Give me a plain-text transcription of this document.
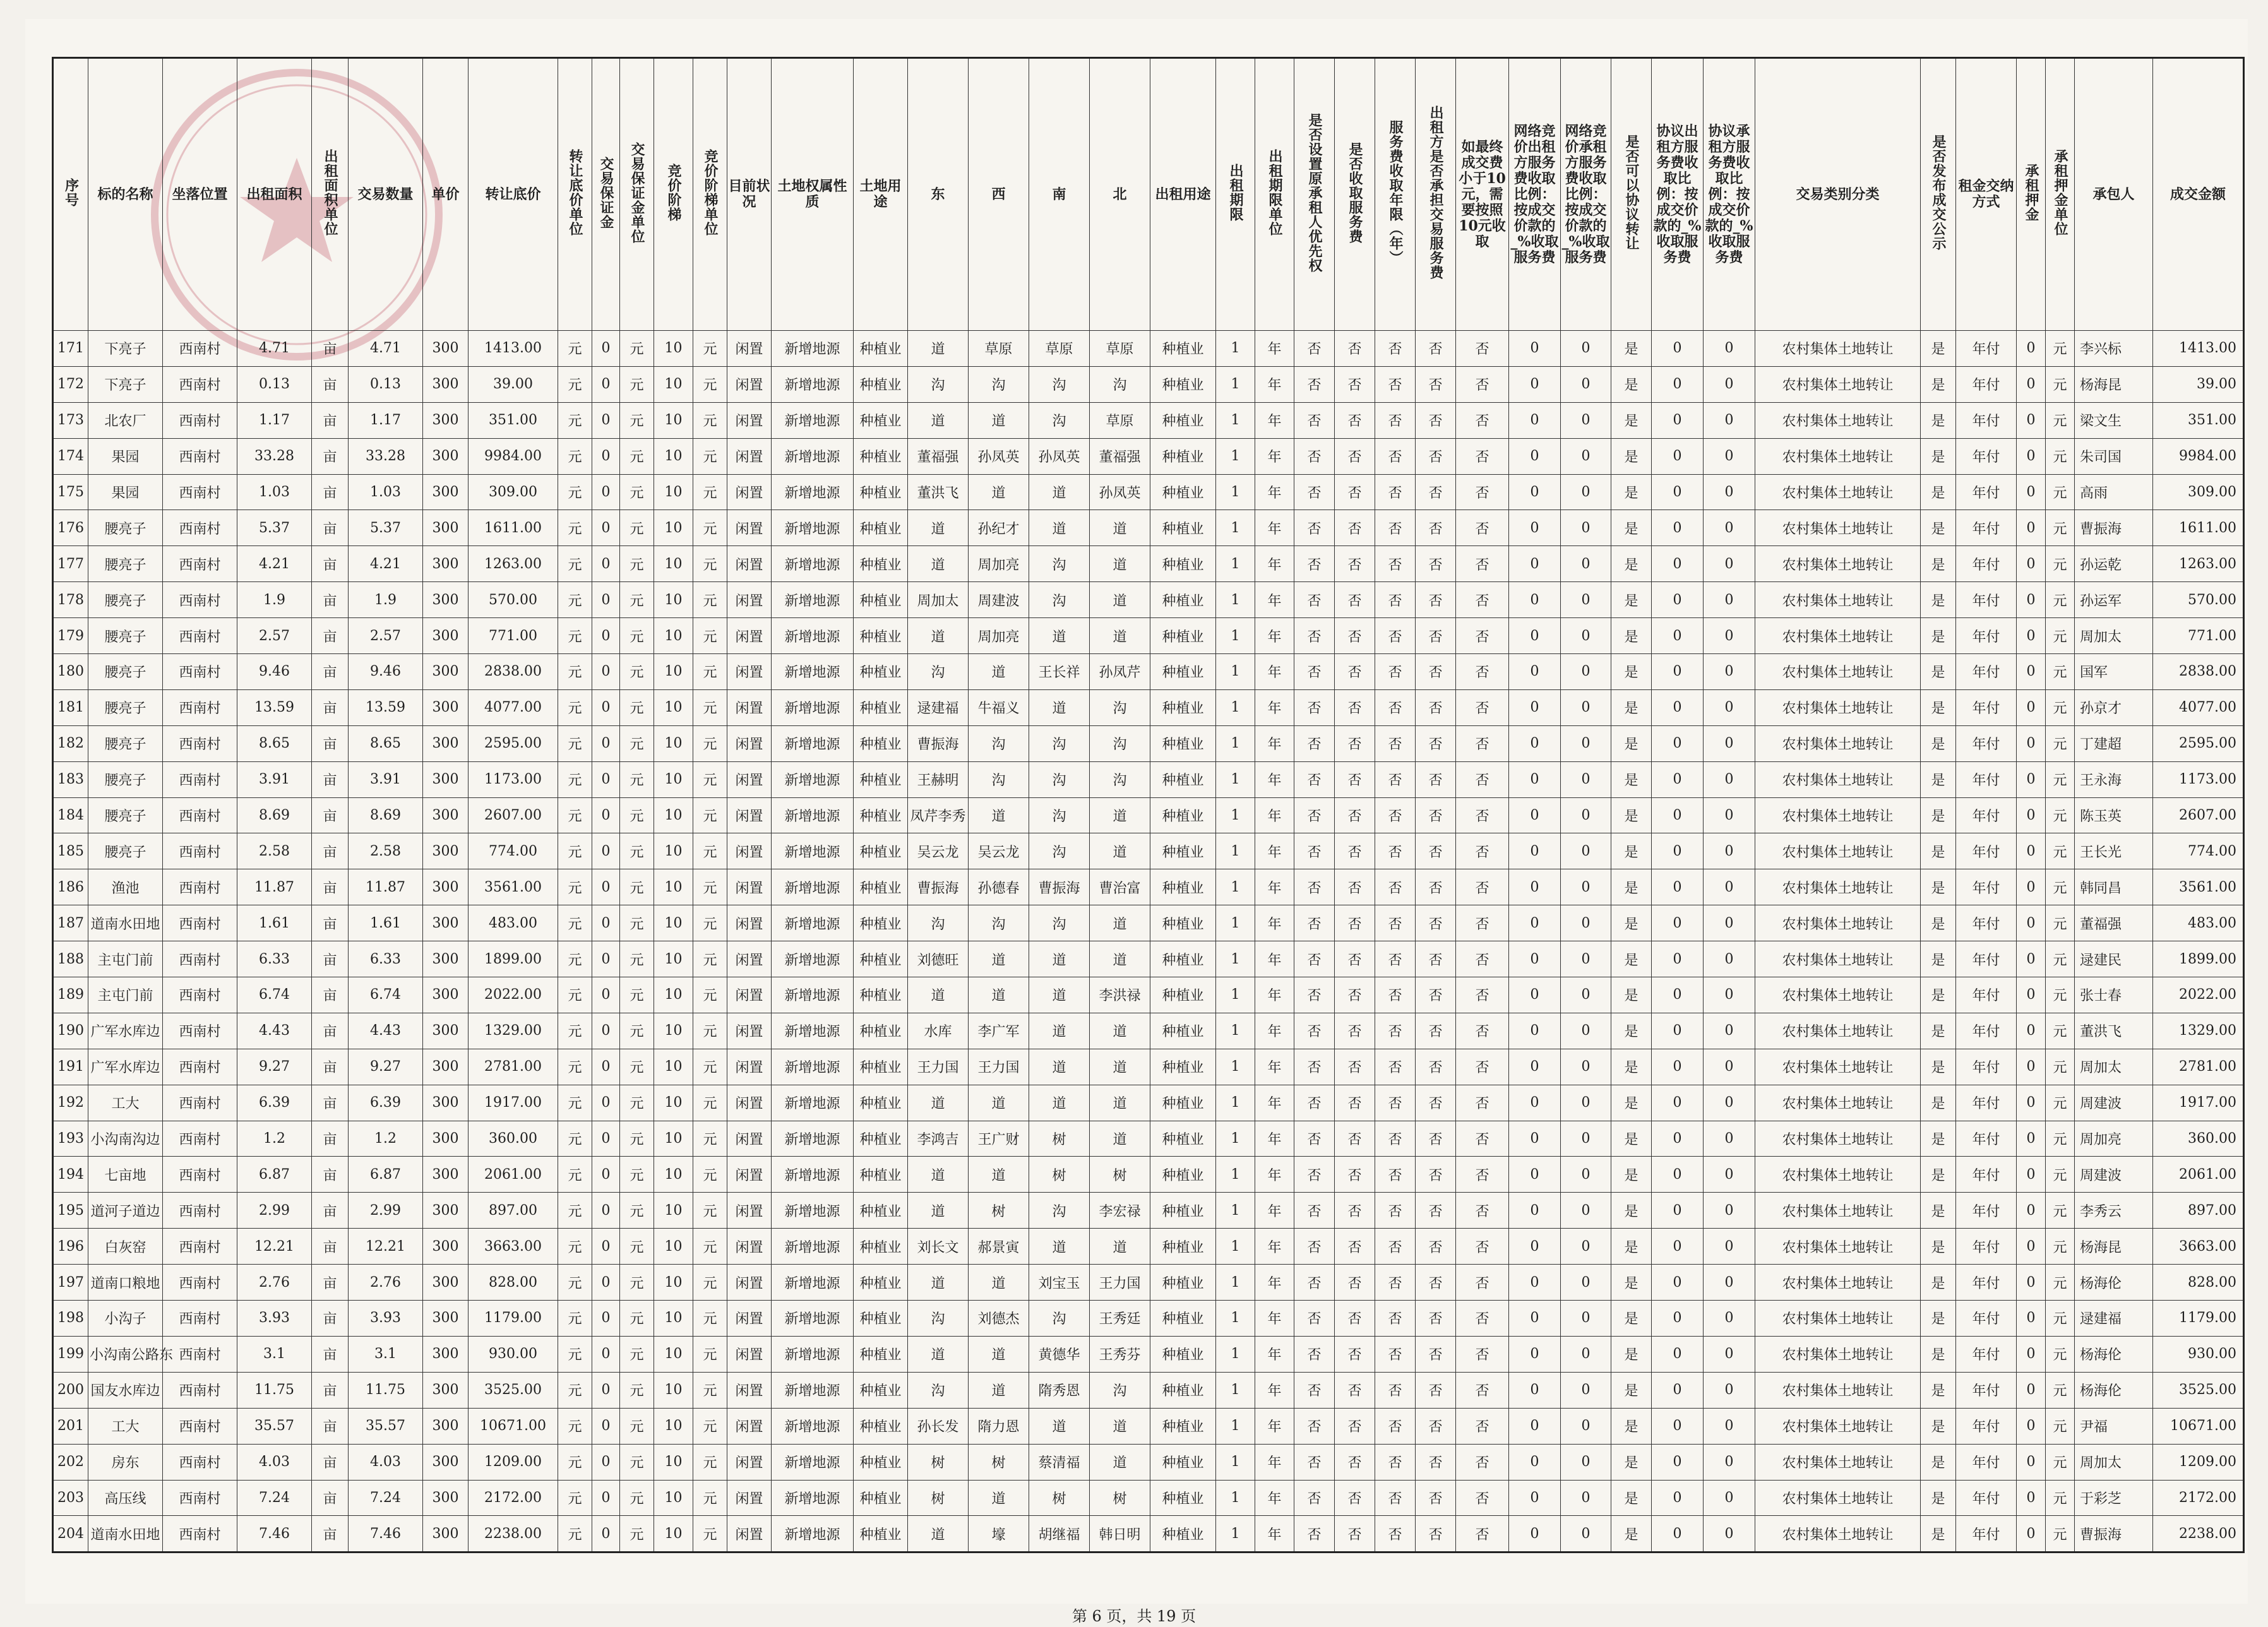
序号	标的名称	坐落位置	出租面积	出租面积单位	交易数量	单价	转让底价	转让底价单位	交易保证金	交易保证金单位	竞价阶梯	竞价阶梯单位	目前状况	土地权属性质	土地用途	东	西	南	北	出租用途	出租期限	出租期限单位	是否设置原承租人优先权	是否收取服务费	服务费收取年限（年）	出租方是否承担交易服务费	如最终成交费小于10元，需要按照10元收取	网络竞价出租方服务费收取比例：按成交价款的_%收取服务费	网络竞价承租方服务费收取比例：按成交价款的_%收取服务费	是否可以协议转让	协议出租方服务费收取比例：按成交价款的_%收取服务费	协议承租方服务费收取比例：按成交价款的_%收取服务费	交易类别分类	是否发布成交公示	租金交纳方式	承租押金	承租押金单位	承包人	成交金额
171	下亮子	西南村	4.71	亩	4.71	300	1413.00	元	0	元	10	元	闲置	新增地源	种植业	道	草原	草原	草原	种植业	1	年	否	否	否	否	否	0	0	是	0	0	农村集体土地转让	是	年付	0	元	李兴标	1413.00
172	下亮子	西南村	0.13	亩	0.13	300	39.00	元	0	元	10	元	闲置	新增地源	种植业	沟	沟	沟	沟	种植业	1	年	否	否	否	否	否	0	0	是	0	0	农村集体土地转让	是	年付	0	元	杨海昆	39.00
173	北农厂	西南村	1.17	亩	1.17	300	351.00	元	0	元	10	元	闲置	新增地源	种植业	道	道	沟	草原	种植业	1	年	否	否	否	否	否	0	0	是	0	0	农村集体土地转让	是	年付	0	元	梁文生	351.00
174	果园	西南村	33.28	亩	33.28	300	9984.00	元	0	元	10	元	闲置	新增地源	种植业	董福强	孙凤英	孙凤英	董福强	种植业	1	年	否	否	否	否	否	0	0	是	0	0	农村集体土地转让	是	年付	0	元	朱司国	9984.00
175	果园	西南村	1.03	亩	1.03	300	309.00	元	0	元	10	元	闲置	新增地源	种植业	董洪飞	道	道	孙凤英	种植业	1	年	否	否	否	否	否	0	0	是	0	0	农村集体土地转让	是	年付	0	元	高雨	309.00
176	腰亮子	西南村	5.37	亩	5.37	300	1611.00	元	0	元	10	元	闲置	新增地源	种植业	道	孙纪才	道	道	种植业	1	年	否	否	否	否	否	0	0	是	0	0	农村集体土地转让	是	年付	0	元	曹振海	1611.00
177	腰亮子	西南村	4.21	亩	4.21	300	1263.00	元	0	元	10	元	闲置	新增地源	种植业	道	周加亮	沟	道	种植业	1	年	否	否	否	否	否	0	0	是	0	0	农村集体土地转让	是	年付	0	元	孙运乾	1263.00
178	腰亮子	西南村	1.9	亩	1.9	300	570.00	元	0	元	10	元	闲置	新增地源	种植业	周加太	周建波	沟	道	种植业	1	年	否	否	否	否	否	0	0	是	0	0	农村集体土地转让	是	年付	0	元	孙运军	570.00
179	腰亮子	西南村	2.57	亩	2.57	300	771.00	元	0	元	10	元	闲置	新增地源	种植业	道	周加亮	道	道	种植业	1	年	否	否	否	否	否	0	0	是	0	0	农村集体土地转让	是	年付	0	元	周加太	771.00
180	腰亮子	西南村	9.46	亩	9.46	300	2838.00	元	0	元	10	元	闲置	新增地源	种植业	沟	道	王长祥	孙凤芹	种植业	1	年	否	否	否	否	否	0	0	是	0	0	农村集体土地转让	是	年付	0	元	国军	2838.00
181	腰亮子	西南村	13.59	亩	13.59	300	4077.00	元	0	元	10	元	闲置	新增地源	种植业	逯建福	牛福义	道	沟	种植业	1	年	否	否	否	否	否	0	0	是	0	0	农村集体土地转让	是	年付	0	元	孙京才	4077.00
182	腰亮子	西南村	8.65	亩	8.65	300	2595.00	元	0	元	10	元	闲置	新增地源	种植业	曹振海	沟	沟	沟	种植业	1	年	否	否	否	否	否	0	0	是	0	0	农村集体土地转让	是	年付	0	元	丁建超	2595.00
183	腰亮子	西南村	3.91	亩	3.91	300	1173.00	元	0	元	10	元	闲置	新增地源	种植业	王赫明	沟	沟	沟	种植业	1	年	否	否	否	否	否	0	0	是	0	0	农村集体土地转让	是	年付	0	元	王永海	1173.00
184	腰亮子	西南村	8.69	亩	8.69	300	2607.00	元	0	元	10	元	闲置	新增地源	种植业	凤芹李秀	道	沟	道	种植业	1	年	否	否	否	否	否	0	0	是	0	0	农村集体土地转让	是	年付	0	元	陈玉英	2607.00
185	腰亮子	西南村	2.58	亩	2.58	300	774.00	元	0	元	10	元	闲置	新增地源	种植业	吴云龙	吴云龙	沟	道	种植业	1	年	否	否	否	否	否	0	0	是	0	0	农村集体土地转让	是	年付	0	元	王长光	774.00
186	渔池	西南村	11.87	亩	11.87	300	3561.00	元	0	元	10	元	闲置	新增地源	种植业	曹振海	孙德春	曹振海	曹治富	种植业	1	年	否	否	否	否	否	0	0	是	0	0	农村集体土地转让	是	年付	0	元	韩同昌	3561.00
187	道南水田地	西南村	1.61	亩	1.61	300	483.00	元	0	元	10	元	闲置	新增地源	种植业	沟	沟	沟	道	种植业	1	年	否	否	否	否	否	0	0	是	0	0	农村集体土地转让	是	年付	0	元	董福强	483.00
188	主屯门前	西南村	6.33	亩	6.33	300	1899.00	元	0	元	10	元	闲置	新增地源	种植业	刘德旺	道	道	道	种植业	1	年	否	否	否	否	否	0	0	是	0	0	农村集体土地转让	是	年付	0	元	逯建民	1899.00
189	主屯门前	西南村	6.74	亩	6.74	300	2022.00	元	0	元	10	元	闲置	新增地源	种植业	道	道	道	李洪禄	种植业	1	年	否	否	否	否	否	0	0	是	0	0	农村集体土地转让	是	年付	0	元	张士春	2022.00
190	广军水库边	西南村	4.43	亩	4.43	300	1329.00	元	0	元	10	元	闲置	新增地源	种植业	水库	李广军	道	道	种植业	1	年	否	否	否	否	否	0	0	是	0	0	农村集体土地转让	是	年付	0	元	董洪飞	1329.00
191	广军水库边	西南村	9.27	亩	9.27	300	2781.00	元	0	元	10	元	闲置	新增地源	种植业	王力国	王力国	道	道	种植业	1	年	否	否	否	否	否	0	0	是	0	0	农村集体土地转让	是	年付	0	元	周加太	2781.00
192	工大	西南村	6.39	亩	6.39	300	1917.00	元	0	元	10	元	闲置	新增地源	种植业	道	道	道	道	种植业	1	年	否	否	否	否	否	0	0	是	0	0	农村集体土地转让	是	年付	0	元	周建波	1917.00
193	小沟南沟边	西南村	1.2	亩	1.2	300	360.00	元	0	元	10	元	闲置	新增地源	种植业	李鸿吉	王广财	树	道	种植业	1	年	否	否	否	否	否	0	0	是	0	0	农村集体土地转让	是	年付	0	元	周加亮	360.00
194	七亩地	西南村	6.87	亩	6.87	300	2061.00	元	0	元	10	元	闲置	新增地源	种植业	道	道	树	树	种植业	1	年	否	否	否	否	否	0	0	是	0	0	农村集体土地转让	是	年付	0	元	周建波	2061.00
195	道河子道边	西南村	2.99	亩	2.99	300	897.00	元	0	元	10	元	闲置	新增地源	种植业	道	树	沟	李宏禄	种植业	1	年	否	否	否	否	否	0	0	是	0	0	农村集体土地转让	是	年付	0	元	李秀云	897.00
196	白灰窑	西南村	12.21	亩	12.21	300	3663.00	元	0	元	10	元	闲置	新增地源	种植业	刘长文	郝景寅	道	道	种植业	1	年	否	否	否	否	否	0	0	是	0	0	农村集体土地转让	是	年付	0	元	杨海昆	3663.00
197	道南口粮地	西南村	2.76	亩	2.76	300	828.00	元	0	元	10	元	闲置	新增地源	种植业	道	道	刘宝玉	王力国	种植业	1	年	否	否	否	否	否	0	0	是	0	0	农村集体土地转让	是	年付	0	元	杨海伦	828.00
198	小沟子	西南村	3.93	亩	3.93	300	1179.00	元	0	元	10	元	闲置	新增地源	种植业	沟	刘德杰	沟	王秀廷	种植业	1	年	否	否	否	否	否	0	0	是	0	0	农村集体土地转让	是	年付	0	元	逯建福	1179.00
199	小沟南公路东	西南村	3.1	亩	3.1	300	930.00	元	0	元	10	元	闲置	新增地源	种植业	道	道	黄德华	王秀芬	种植业	1	年	否	否	否	否	否	0	0	是	0	0	农村集体土地转让	是	年付	0	元	杨海伦	930.00
200	国友水库边	西南村	11.75	亩	11.75	300	3525.00	元	0	元	10	元	闲置	新增地源	种植业	沟	道	隋秀恩	沟	种植业	1	年	否	否	否	否	否	0	0	是	0	0	农村集体土地转让	是	年付	0	元	杨海伦	3525.00
201	工大	西南村	35.57	亩	35.57	300	10671.00	元	0	元	10	元	闲置	新增地源	种植业	孙长发	隋力恩	道	道	种植业	1	年	否	否	否	否	否	0	0	是	0	0	农村集体土地转让	是	年付	0	元	尹福	10671.00
202	房东	西南村	4.03	亩	4.03	300	1209.00	元	0	元	10	元	闲置	新增地源	种植业	树	树	蔡清福	道	种植业	1	年	否	否	否	否	否	0	0	是	0	0	农村集体土地转让	是	年付	0	元	周加太	1209.00
203	高压线	西南村	7.24	亩	7.24	300	2172.00	元	0	元	10	元	闲置	新增地源	种植业	树	道	树	树	种植业	1	年	否	否	否	否	否	0	0	是	0	0	农村集体土地转让	是	年付	0	元	于彩芝	2172.00
204	道南水田地	西南村	7.46	亩	7.46	300	2238.00	元	0	元	10	元	闲置	新增地源	种植业	道	壕	胡继福	韩日明	种植业	1	年	否	否	否	否	否	0	0	是	0	0	农村集体土地转让	是	年付	0	元	曹振海	2238.00
第 6 页，共 19 页
